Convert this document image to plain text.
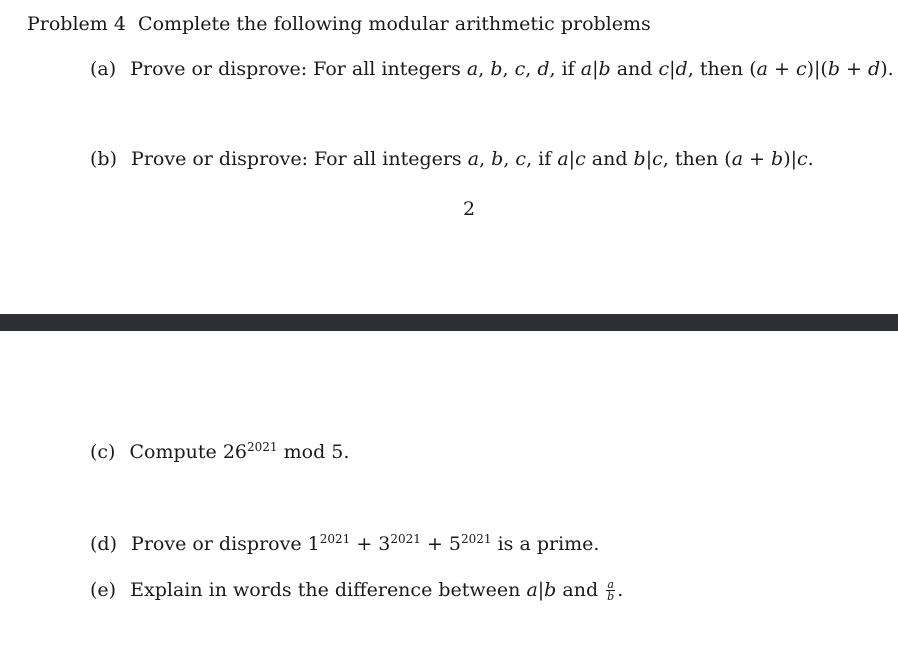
Problem 4 Complete the following modular arithmetic problems
(a) Prove or disprove: For all integers a, b, c, d, if a|b and c|d, then (a + c)|(b + d).
(b) Prove or disprove: For all integers a, b, c, if a|c and b|c, then (a + b)|c.
2
(c) Compute $26^{2021}$ mod 5.
(d) Prove or disprove $1^{2021} + 3^{2021} + 5^{2021}$ is a prime.
(e) Explain in words the difference between a|b and $\frac{a}{b}$ .
